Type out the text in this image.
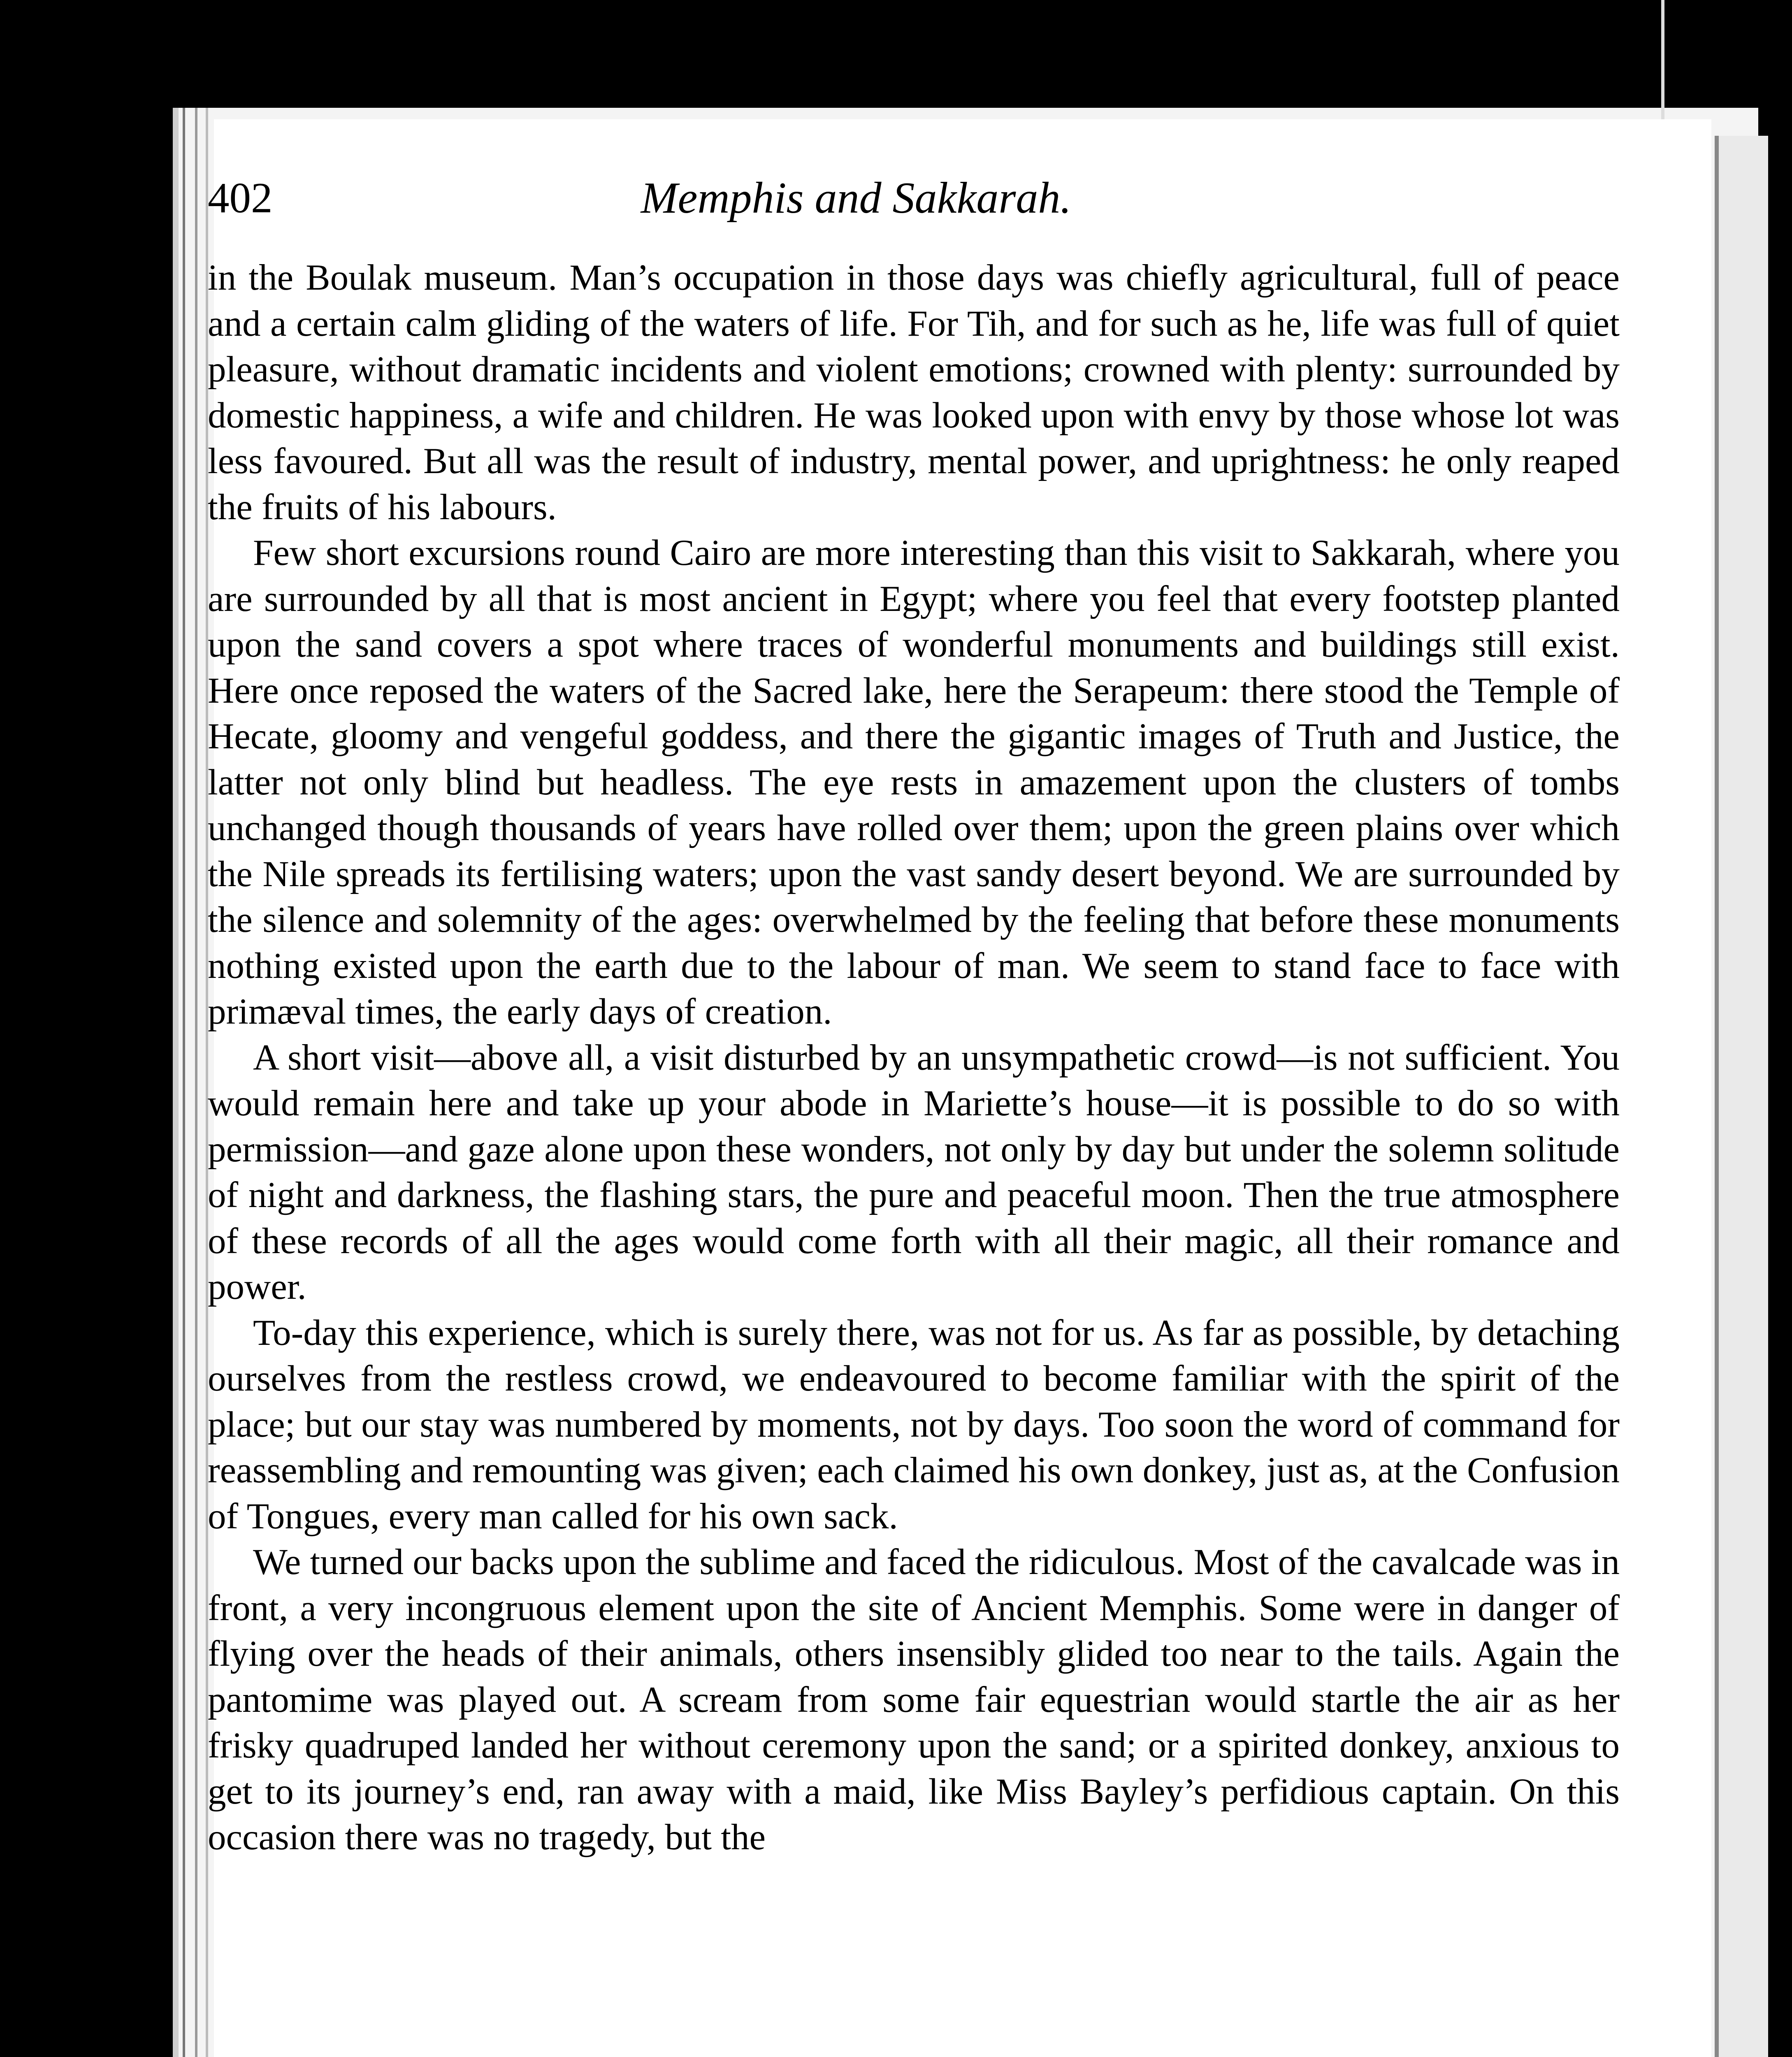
402	Memphis and Sakkarah.

in the Boulak museum. Man’s occupation in those days was chiefly agricultural, full of peace and a certain calm gliding of the waters of life. For Tih, and for such as he, life was full of quiet pleasure, without dramatic incidents and violent emotions; crowned with plenty: surrounded by domestic happiness, a wife and children. He was looked upon with envy by those whose lot was less favoured. But all was the result of industry, mental power, and uprightness: he only reaped the fruits of his labours.

Few short excursions round Cairo are more interesting than this visit to Sakkarah, where you are surrounded by all that is most ancient in Egypt; where you feel that every footstep planted upon the sand covers a spot where traces of wonderful monuments and buildings still exist. Here once reposed the waters of the Sacred lake, here the Serapeum: there stood the Temple of Hecate, gloomy and vengeful goddess, and there the gigantic images of Truth and Justice, the latter not only blind but headless. The eye rests in amazement upon the clusters of tombs unchanged though thousands of years have rolled over them; upon the green plains over which the Nile spreads its fertilising waters; upon the vast sandy desert beyond. We are surrounded by the silence and solemnity of the ages: overwhelmed by the feeling that before these monuments nothing existed upon the earth due to the labour of man. We seem to stand face to face with primæval times, the early days of creation.

A short visit—above all, a visit disturbed by an unsympathetic crowd—is not sufficient. You would remain here and take up your abode in Mariette’s house—it is possible to do so with permission—and gaze alone upon these wonders, not only by day but under the solemn solitude of night and darkness, the flashing stars, the pure and peaceful moon. Then the true atmosphere of these records of all the ages would come forth with all their magic, all their romance and power.

To-day this experience, which is surely there, was not for us. As far as possible, by detaching ourselves from the restless crowd, we endeavoured to become familiar with the spirit of the place; but our stay was numbered by moments, not by days. Too soon the word of command for reassembling and remounting was given; each claimed his own donkey, just as, at the Confusion of Tongues, every man called for his own sack.

We turned our backs upon the sublime and faced the ridiculous. Most of the cavalcade was in front, a very incongruous element upon the site of Ancient Memphis. Some were in danger of flying over the heads of their animals, others insensibly glided too near to the tails. Again the pantomime was played out. A scream from some fair equestrian would startle the air as her frisky quadruped landed her without ceremony upon the sand; or a spirited donkey, anxious to get to its journey’s end, ran away with a maid, like Miss Bayley’s perfidious captain. On this occasion there was no tragedy, but the
